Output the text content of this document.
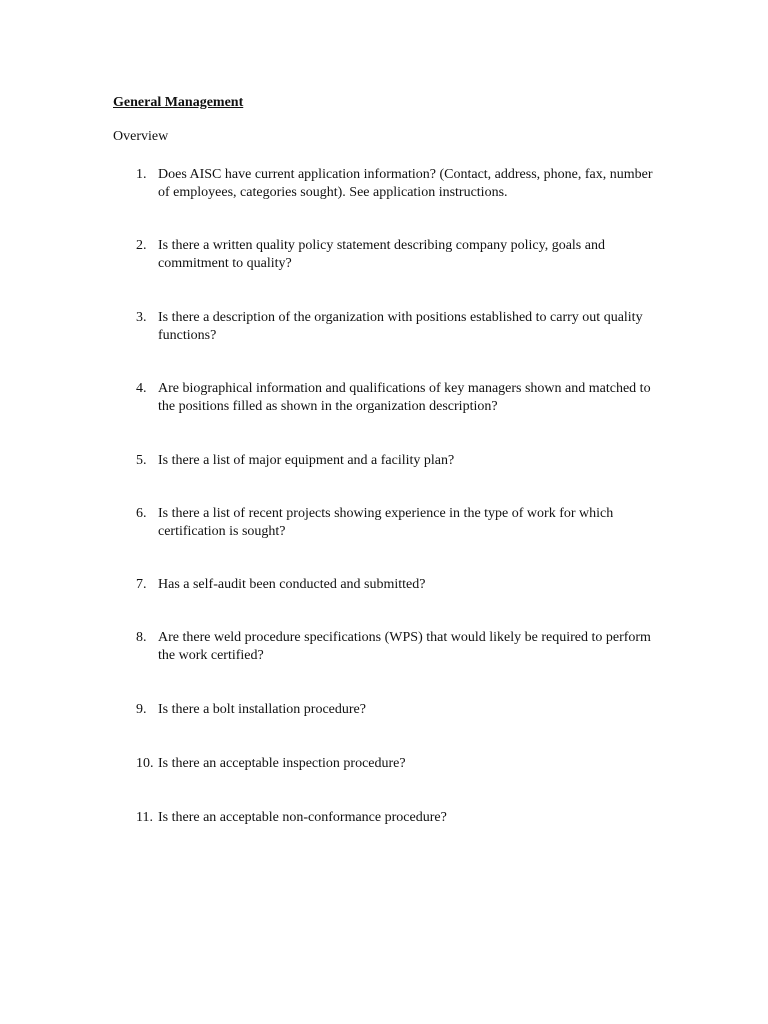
General Management
Overview
1. Does AISC have current application information? (Contact, address, phone, fax, number of employees, categories sought). See application instructions.
2. Is there a written quality policy statement describing company policy, goals and commitment to quality?
3. Is there a description of the organization with positions established to carry out quality functions?
4. Are biographical information and qualifications of key managers shown and matched to the positions filled as shown in the organization description?
5. Is there a list of major equipment and a facility plan?
6. Is there a list of recent projects showing experience in the type of work for which certification is sought?
7. Has a self-audit been conducted and submitted?
8. Are there weld procedure specifications (WPS) that would likely be required to perform the work certified?
9. Is there a bolt installation procedure?
10. Is there an acceptable inspection procedure?
11. Is there an acceptable non-conformance procedure?
